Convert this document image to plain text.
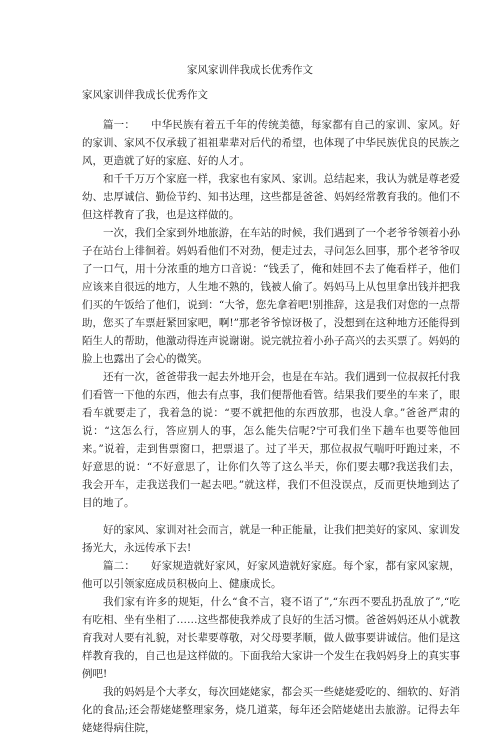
家风家训伴我成长优秀作文
家风家训伴我成长优秀作文

篇一：　　中华民族有着五千年的传统美德，每家都有自己的家训、家风。好的家训、家风不仅承载了祖祖辈辈对后代的希望，也体现了中华民族优良的民族之风，更造就了好的家庭、好的人才。

和千千万万个家庭一样，我家也有家风、家训。总结起来，我认为就是尊老爱幼、忠厚诚信、勤俭节约、知书达理，这些都是爸爸、妈妈经常教育我的。他们不但这样教育了我，也是这样做的。

一次，我们全家到外地旅游，在车站的时候，我们遇到了一个老爷爷领着小孙子在站台上徘徊着。妈妈看他们不对劲，便走过去，寻问怎么回事，那个老爷爷叹了一口气，用十分浓重的地方口音说：“钱丢了，俺和娃回不去了俺看样子，他们应该来自很远的地方，人生地不熟的，钱被人偷了。妈妈马上从包里拿出钱并把我们买的午饭给了他们，说到：“大爷，您先拿着吧!别推辞，这是我们对您的一点帮助，您买了车票赶紧回家吧，啊!”那老爷爷惊讶极了，没想到在这种地方还能得到陌生人的帮助，他激动得连声说谢谢。说完就拉着小孙子高兴的去买票了。妈妈的脸上也露出了会心的微笑。

还有一次，爸爸带我一起去外地开会，也是在车站。我们遇到一位叔叔托付我们看管一下他的东西，他去有点事，我们便帮他看管。结果我们要坐的车来了，眼看车就要走了，我着急的说：“要不就把他的东西放那，也没人拿。”爸爸严肃的说：“这怎么行，答应别人的事，怎么能失信呢?宁可我们坐下趟车也要等他回来。”说着，走到售票窗口，把票退了。过了半天，那位叔叔气喘吁吁跑过来，不好意思的说：“不好意思了，让你们久等了这么半天，你们要去哪?我送我们去，我会开车，走我送我们一起去吧。”就这样，我们不但没误点，反而更快地到达了目的地了。

好的家风、家训对社会而言，就是一种正能量，让我们把美好的家风、家训发扬光大，永远传承下去!

篇二：　　好家规造就好家风，好家风造就好家庭。每个家，都有家风家规，他可以引领家庭成员积极向上、健康成长。

我们家有许多的规矩，什么“食不言，寝不语了”,“东西不要乱扔乱放了”,“吃有吃相、坐有坐相了……这些都使我养成了良好的生活习惯。爸爸妈妈还从小就教育我对人要有礼貌，对长辈要尊敬，对父母要孝顺，做人做事要讲诚信。他们是这样教育我的，自己也是这样做的。下面我给大家讲一个发生在我妈妈身上的真实事例吧!

我的妈妈是个大孝女，每次回姥姥家，都会买一些姥姥爱吃的、细软的、好消化的食品;还会帮姥姥整理家务，烧几道菜，每年还会陪姥姥出去旅游。记得去年姥姥得病住院，
